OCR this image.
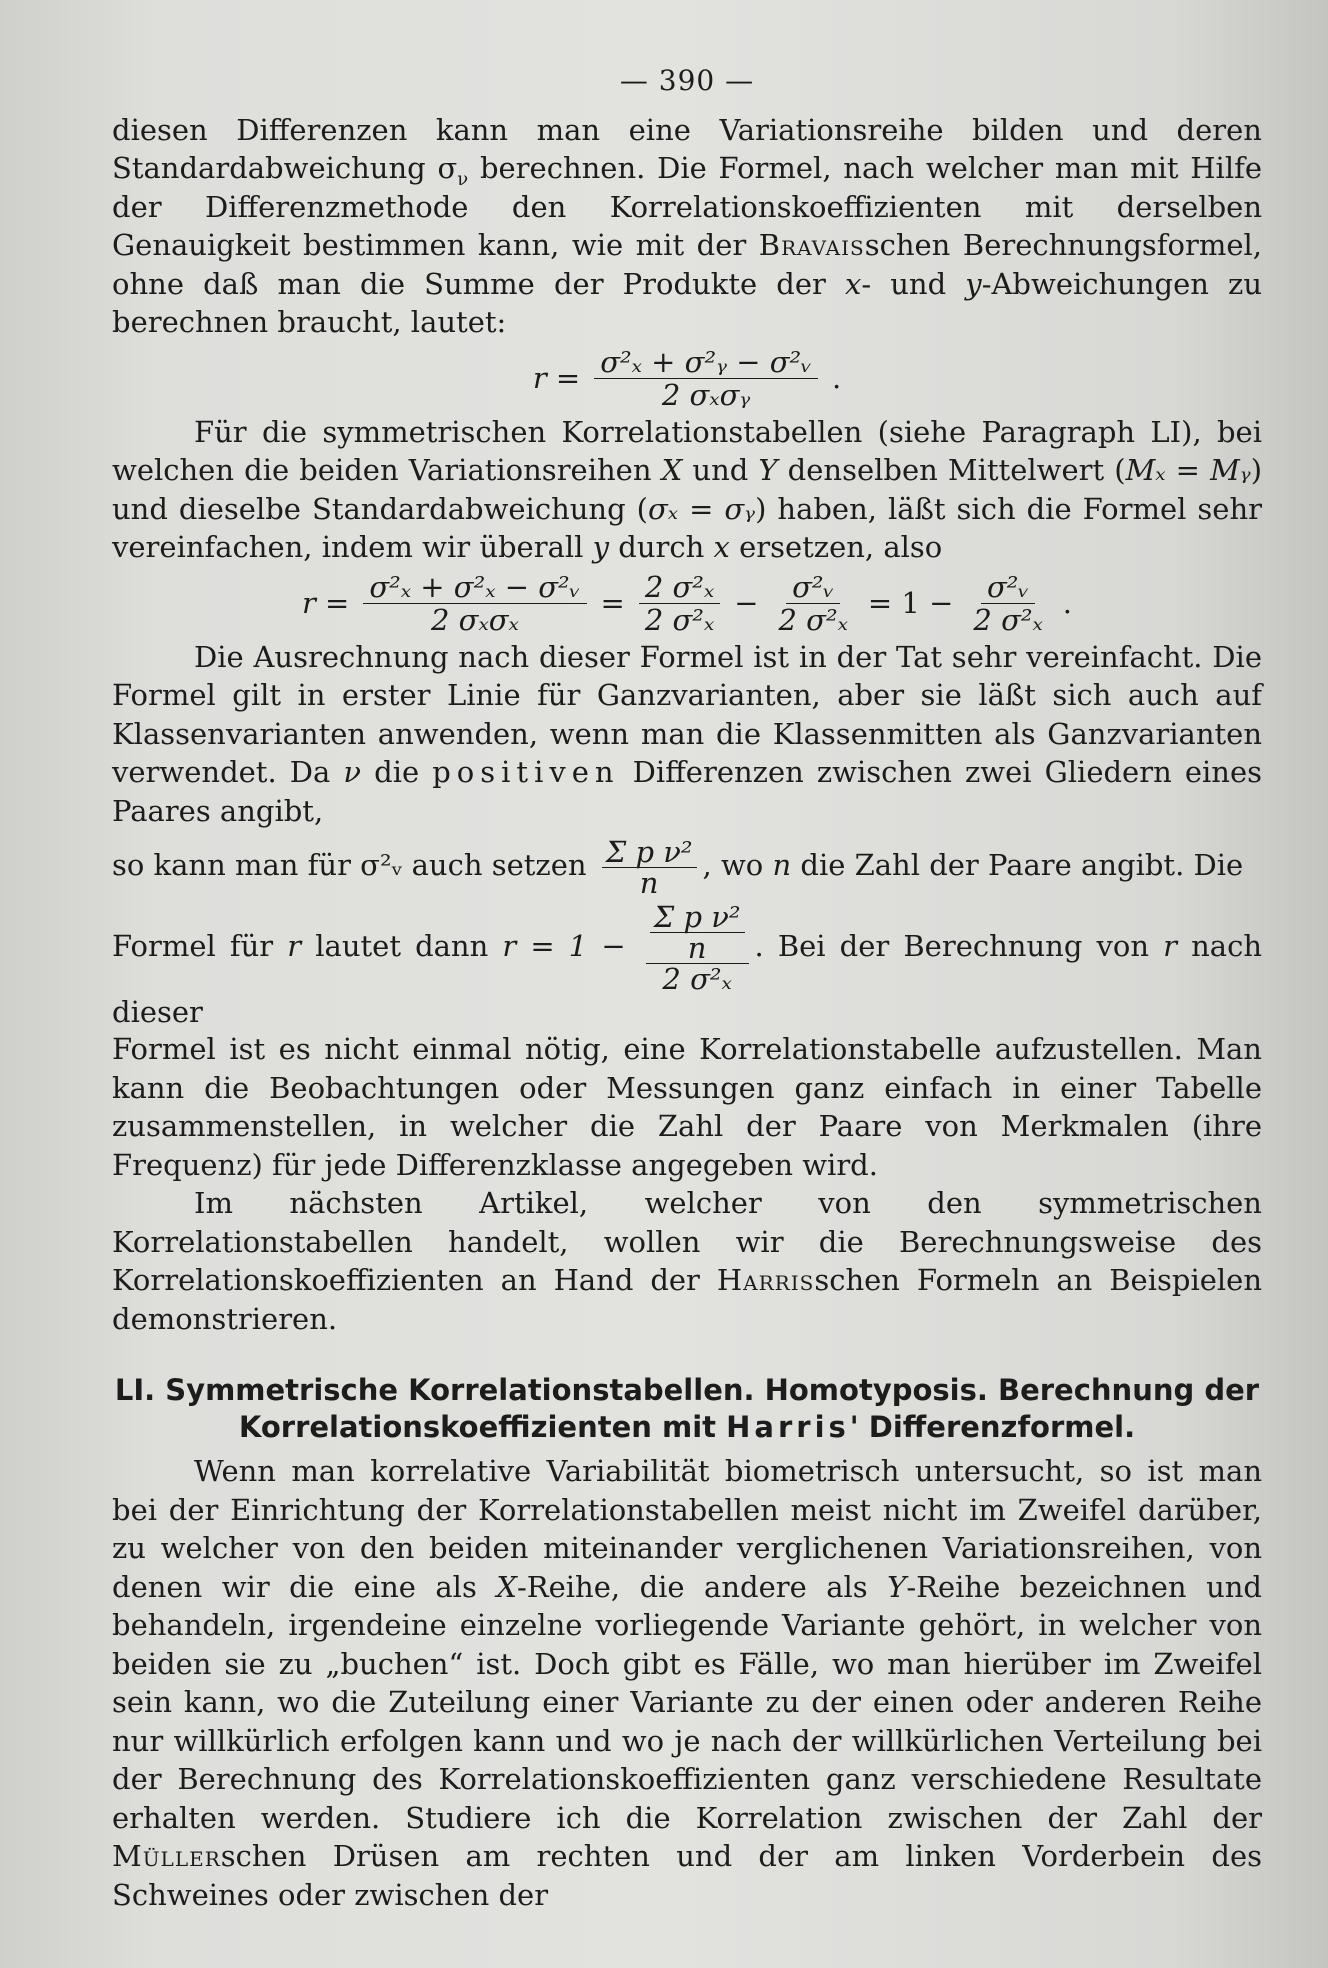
— 390 —

diesen Differenzen kann man eine Variationsreihe bilden und deren Standardabweichung $\sigma_\nu$ berechnen. Die Formel, nach welcher man mit Hilfe der Differenzmethode den Korrelationskoeffizienten mit derselben Genauigkeit bestimmen kann, wie mit der Bravaisschen Berechnungsformel, ohne daß man die Summe der Produkte der x- und y-Abweichungen zu berechnen braucht, lautet:

$r = \frac{\text{σ²ₓ + σ²ᵧ − σ²ᵥ}}{\text{2 σₓσᵧ}}$ .

Für die symmetrischen Korrelationstabellen (siehe Paragraph LI), bei welchen die beiden Variationsreihen X und Y denselben Mittelwert (Mₓ = Mᵧ) und dieselbe Standardabweichung (σₓ = σᵧ) haben, läßt sich die Formel sehr vereinfachen, indem wir überall y durch x ersetzen, also

$r = \frac{\text{σ²ₓ + σ²ₓ − σ²ᵥ}}{\text{2 σₓσₓ}} = \frac{\text{2 σ²ₓ}}{\text{2 σ²ₓ}} - \frac{\text{σ²ᵥ}}{\text{2 σ²ₓ}} = 1 - \frac{\text{σ²ᵥ}}{\text{2 σ²ₓ}}$ .

Die Ausrechnung nach dieser Formel ist in der Tat sehr vereinfacht. Die Formel gilt in erster Linie für Ganzvarianten, aber sie läßt sich auch auf Klassenvarianten anwenden, wenn man die Klassenmitten als Ganzvarianten verwendet. Da ν die positiven Differenzen zwischen zwei Gliedern eines Paares angibt,

so kann man für σ²ᵥ auch setzen $\frac{\text{Σ p ν²}}{n}$ , wo n die Zahl der Paare angibt. Die

Formel für r lautet dann $r = 1 - \frac{\frac{\text{Σ p ν²}}{n}}{\text{2 σ²ₓ}}$ . Bei der Berechnung von r nach dieser

Formel ist es nicht einmal nötig, eine Korrelationstabelle aufzustellen. Man kann die Beobachtungen oder Messungen ganz einfach in einer Tabelle zusammenstellen, in welcher die Zahl der Paare von Merkmalen (ihre Frequenz) für jede Differenzklasse angegeben wird.

Im nächsten Artikel, welcher von den symmetrischen Korrelationstabellen handelt, wollen wir die Berechnungsweise des Korrelationskoeffizienten an Hand der Harrisschen Formeln an Beispielen demonstrieren.

LI. Symmetrische Korrelationstabellen. Homotyposis. Berechnung der
Korrelationskoeffizienten mit Harris' Differenzformel.

Wenn man korrelative Variabilität biometrisch untersucht, so ist man bei der Einrichtung der Korrelationstabellen meist nicht im Zweifel darüber, zu welcher von den beiden miteinander verglichenen Variationsreihen, von denen wir die eine als X-Reihe, die andere als Y-Reihe bezeichnen und behandeln, irgendeine einzelne vorliegende Variante gehört, in welcher von beiden sie zu „buchen“ ist. Doch gibt es Fälle, wo man hierüber im Zweifel sein kann, wo die Zuteilung einer Variante zu der einen oder anderen Reihe nur willkürlich erfolgen kann und wo je nach der willkürlichen Verteilung bei der Berechnung des Korrelationskoeffizienten ganz verschiedene Resultate erhalten werden. Studiere ich die Korrelation zwischen der Zahl der Müllerschen Drüsen am rechten und der am linken Vorderbein des Schweines oder zwischen der
